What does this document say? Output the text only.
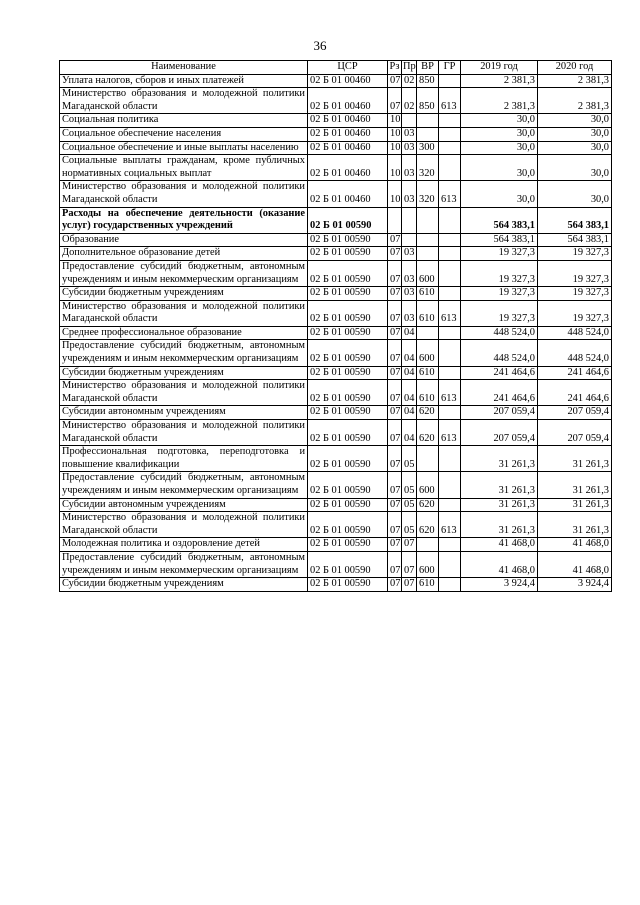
36
Наименование	ЦСР	Рз	Пр	ВР	ГР	2019 год	2020 год
Уплата налогов, сборов и иных платежей	02 Б 01 00460	07	02	850		2 381,3	2 381,3
Министерство образования и молодежной политики Магаданской области	02 Б 01 00460	07	02	850	613	2 381,3	2 381,3
Социальная политика	02 Б 01 00460	10				30,0	30,0
Социальное обеспечение населения	02 Б 01 00460	10	03			30,0	30,0
Социальное обеспечение и иные выплаты населению	02 Б 01 00460	10	03	300		30,0	30,0
Социальные выплаты гражданам, кроме публичных нормативных социальных выплат	02 Б 01 00460	10	03	320		30,0	30,0
Министерство образования и молодежной политики Магаданской области	02 Б 01 00460	10	03	320	613	30,0	30,0
Расходы на обеспечение деятельности (оказание услуг) государственных учреждений	02 Б 01 00590					564 383,1	564 383,1
Образование	02 Б 01 00590	07				564 383,1	564 383,1
Дополнительное образование детей	02 Б 01 00590	07	03			19 327,3	19 327,3
Предоставление субсидий бюджетным, автономным учреждениям и иным некоммерческим организациям	02 Б 01 00590	07	03	600		19 327,3	19 327,3
Субсидии бюджетным учреждениям	02 Б 01 00590	07	03	610		19 327,3	19 327,3
Министерство образования и молодежной политики Магаданской области	02 Б 01 00590	07	03	610	613	19 327,3	19 327,3
Среднее профессиональное образование	02 Б 01 00590	07	04			448 524,0	448 524,0
Предоставление субсидий бюджетным, автономным учреждениям и иным некоммерческим организациям	02 Б 01 00590	07	04	600		448 524,0	448 524,0
Субсидии бюджетным учреждениям	02 Б 01 00590	07	04	610		241 464,6	241 464,6
Министерство образования и молодежной политики Магаданской области	02 Б 01 00590	07	04	610	613	241 464,6	241 464,6
Субсидии автономным учреждениям	02 Б 01 00590	07	04	620		207 059,4	207 059,4
Министерство образования и молодежной политики Магаданской области	02 Б 01 00590	07	04	620	613	207 059,4	207 059,4
Профессиональная подготовка, переподготовка и повышение квалификации	02 Б 01 00590	07	05			31 261,3	31 261,3
Предоставление субсидий бюджетным, автономным учреждениям и иным некоммерческим организациям	02 Б 01 00590	07	05	600		31 261,3	31 261,3
Субсидии автономным учреждениям	02 Б 01 00590	07	05	620		31 261,3	31 261,3
Министерство образования и молодежной политики Магаданской области	02 Б 01 00590	07	05	620	613	31 261,3	31 261,3
Молодежная политика и оздоровление детей	02 Б 01 00590	07	07			41 468,0	41 468,0
Предоставление субсидий бюджетным, автономным учреждениям и иным некоммерческим организациям	02 Б 01 00590	07	07	600		41 468,0	41 468,0
Субсидии бюджетным учреждениям	02 Б 01 00590	07	07	610		3 924,4	3 924,4
